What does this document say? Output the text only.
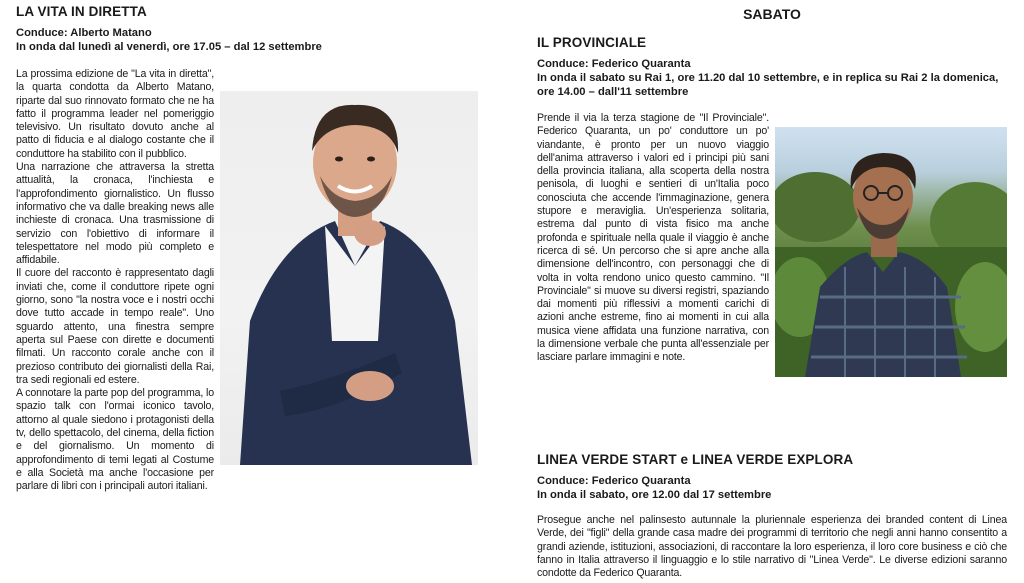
LA VITA IN DIRETTA

Conduce: Alberto Matano

In onda dal lunedì al venerdì, ore 17.05 – dal 12 settembre

La prossima edizione de "La vita in diretta", la quarta condotta da Alberto Matano, riparte dal suo rinnovato formato che ne ha fatto il programma leader nel pomeriggio televisivo. Un risultato dovuto anche al patto di fiducia e al dialogo costante che il conduttore ha stabilito con il pubblico.

Una narrazione che attraversa la stretta attualità, la cronaca, l'inchiesta e l'approfondimento giornalistico. Un flusso informativo che va dalle breaking news alle inchieste di cronaca. Una trasmissione di servizio con l'obiettivo di informare il telespettatore nel modo più completo e affidabile.

Il cuore del racconto è rappresentato dagli inviati che, come il conduttore ripete ogni giorno, sono "la nostra voce e i nostri occhi dove tutto accade in tempo reale". Uno sguardo attento, una finestra sempre aperta sul Paese con dirette e documenti filmati. Un racconto corale anche con il prezioso contributo dei giornalisti della Rai, tra sedi regionali ed estere.

A connotare la parte pop del programma, lo spazio talk con l'ormai iconico tavolo, attorno al quale siedono i protagonisti della tv, dello spettacolo, del cinema, della fiction e del giornalismo. Un momento di approfondimento di temi legati al Costume e alla Società ma anche l'occasione per parlare di libri con i principali autori italiani.

SABATO
IL PROVINCIALE

Conduce: Federico Quaranta

In onda il sabato su Rai 1, ore 11.20 dal 10 settembre, e in replica su Rai 2 la domenica, ore 14.00 – dall'11 settembre

Prende il via la terza stagione de "Il Provinciale". Federico Quaranta, un po' conduttore un po' viandante, è pronto per un nuovo viaggio dell'anima attraverso i valori ed i principi più sani della provincia italiana, alla scoperta della nostra penisola, di luoghi e sentieri di un'Italia poco conosciuta che accende l'immaginazione, genera stupore e meraviglia. Un'esperienza solitaria, estrema dal punto di vista fisico ma anche profonda e spirituale nella quale il viaggio è anche ricerca di sé. Un percorso che si apre anche alla dimensione dell'incontro, con personaggi che di volta in volta rendono unico questo cammino. "Il Provinciale" si muove su diversi registri, spaziando dai momenti più riflessivi a momenti carichi di azioni anche estreme, fino ai momenti in cui alla musica viene affidata una funzione narrativa, con la dimensione verbale che punta all'essenziale per lasciare parlare immagini e note.

LINEA VERDE START e LINEA VERDE EXPLORA

Conduce: Federico Quaranta

In onda il sabato, ore 12.00 dal 17 settembre

Prosegue anche nel palinsesto autunnale la pluriennale esperienza dei branded content di Linea Verde, dei "figli" della grande casa madre dei programmi di territorio che negli anni hanno consentito a grandi aziende, istituzioni, associazioni, di raccontare la loro esperienza, il loro core business e ciò che fanno in Italia attraverso il linguaggio e lo stile narrativo di "Linea Verde". Le diverse edizioni saranno condotte da Federico Quaranta.
